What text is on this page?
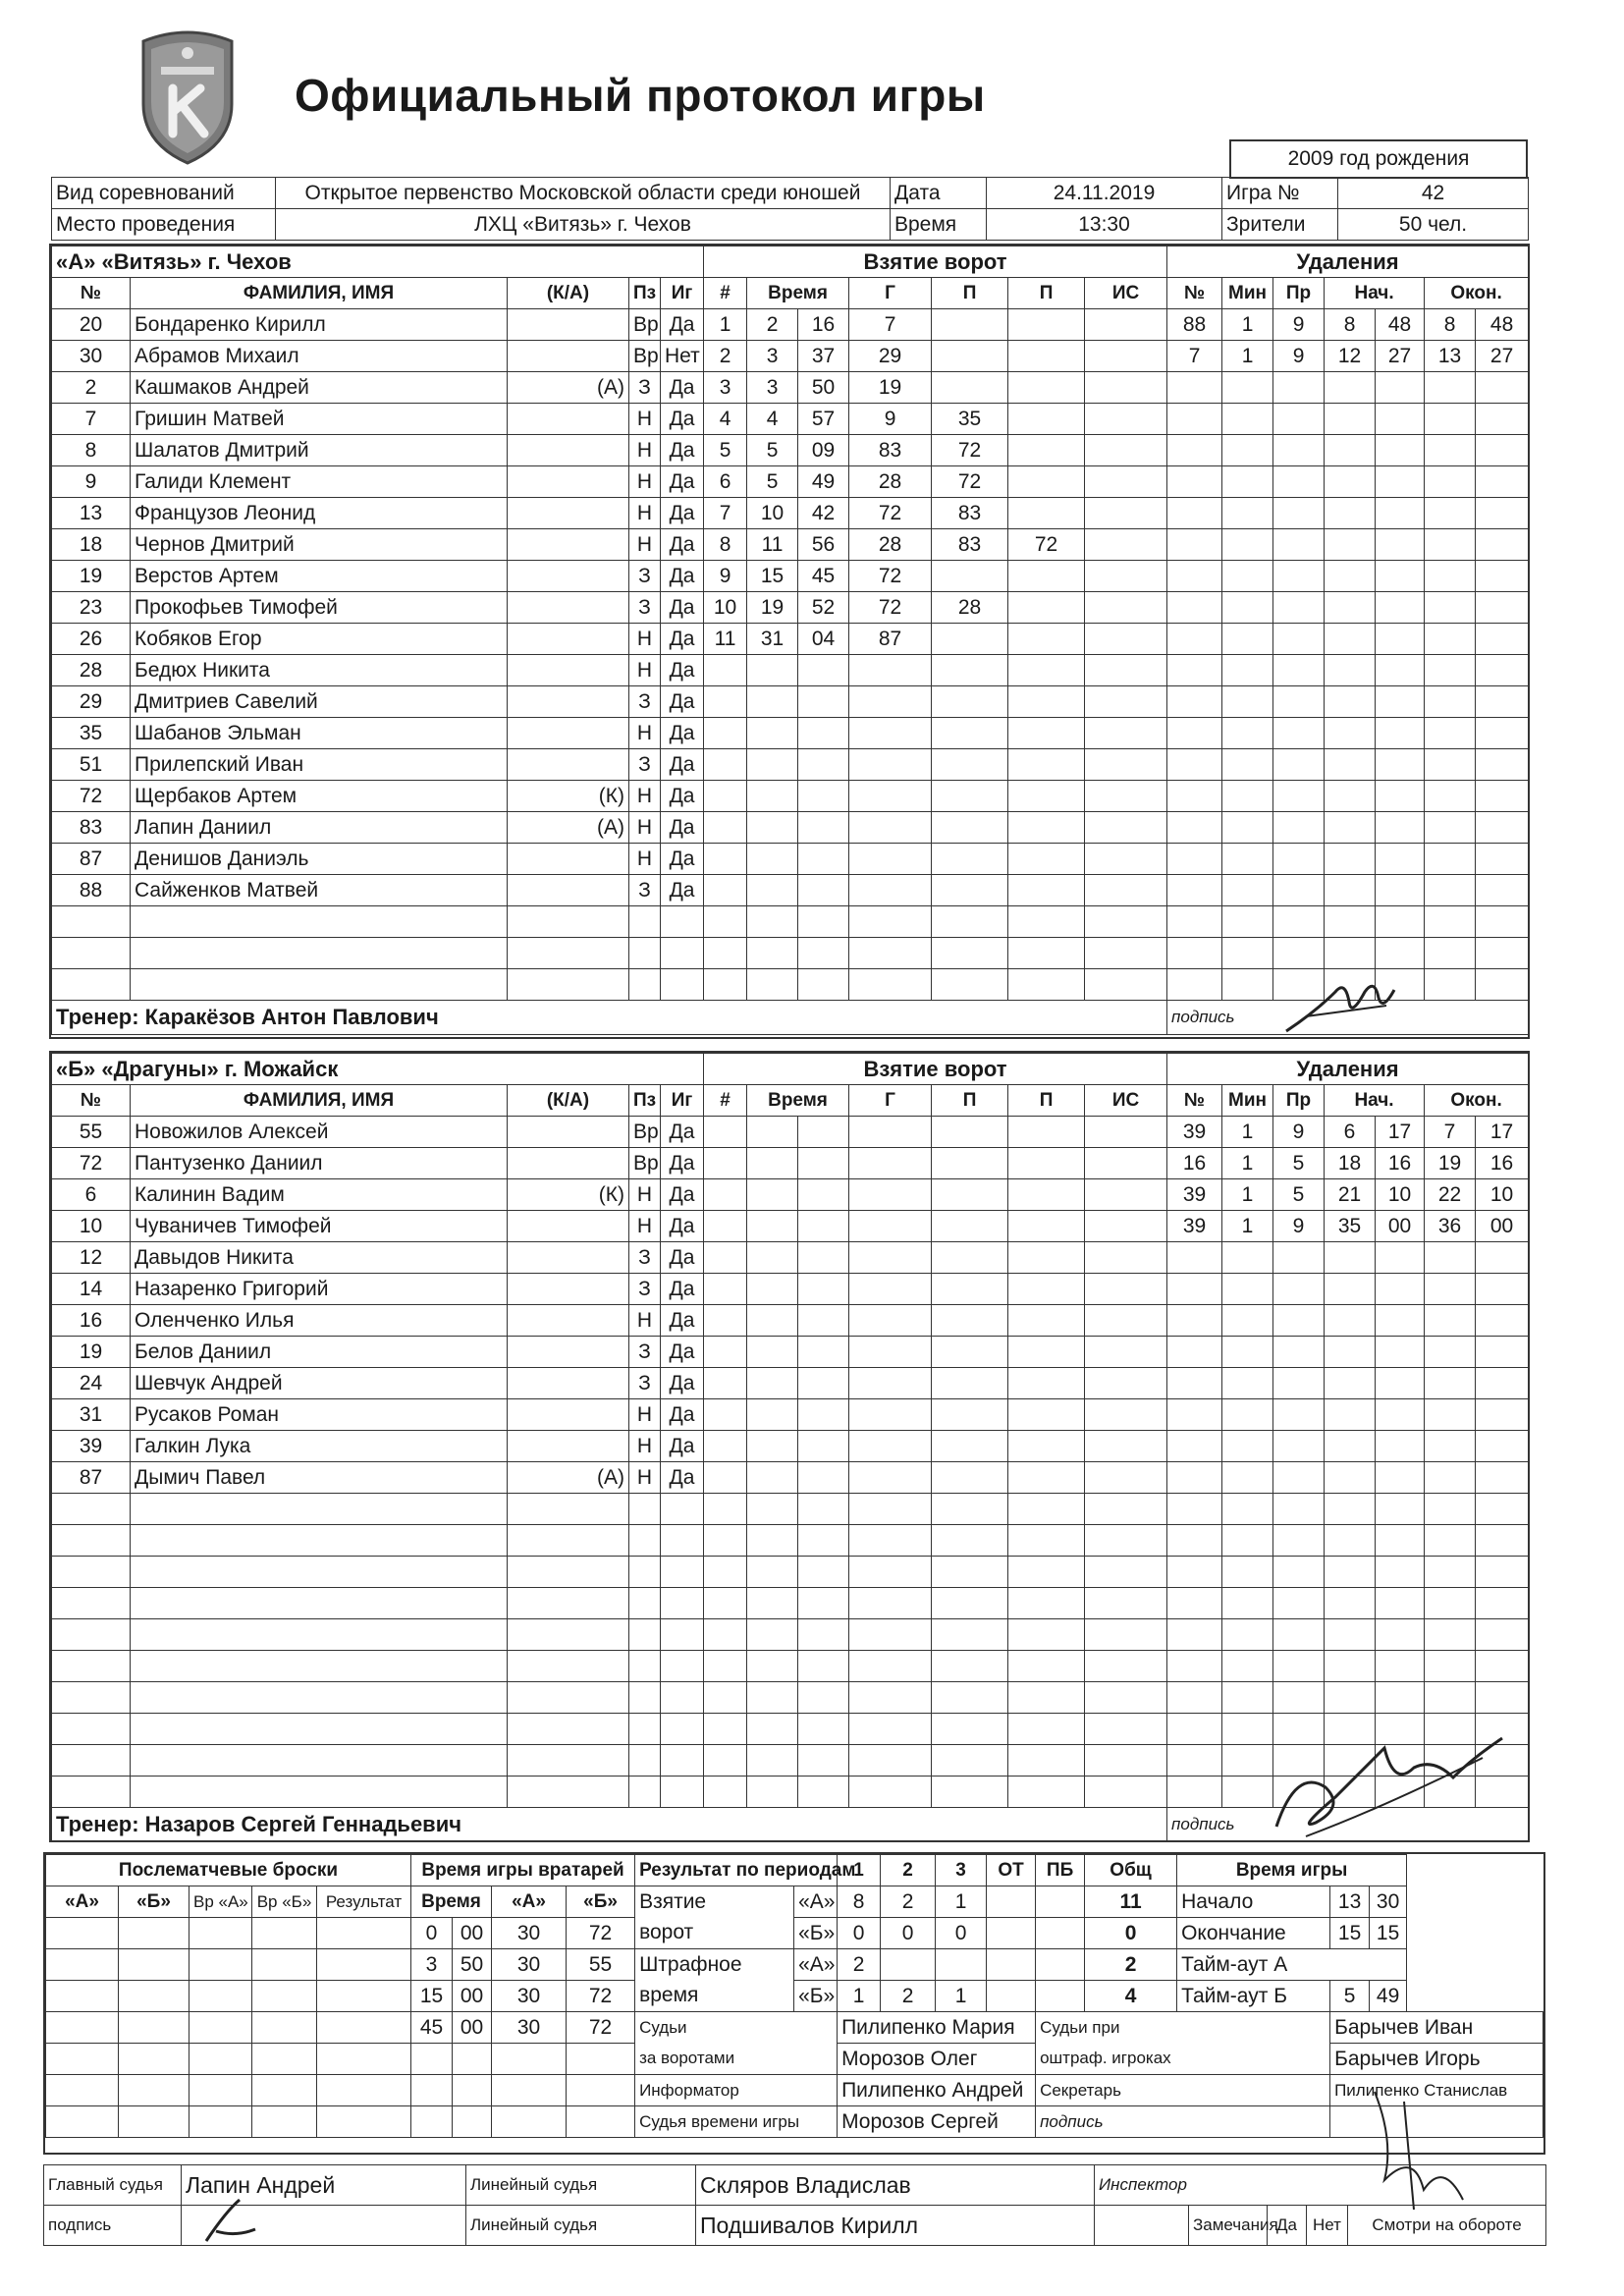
Официальный протокол игры
2009 год рождения
Вид соревнований	Открытое первенство Московской области среди юношей	Дата	24.11.2019	Игра №	42
Место проведения	ЛХЦ «Витязь» г. Чехов	Время	13:30	Зрители	50 чел.
«А» «Витязь» г. Чехов					Взятие ворот							Удаления						
№	ФАМИЛИЯ, ИМЯ	(К/А)	Пз	Иг	#	Время		Г	П	П	ИС	№	Мин	Пр	Нач.		Окон.	
20	Бондаренко Кирилл		Вр	Да	1	2	16	7				88	1	9	8	48	8	48
30	Абрамов Михаил		Вр	Нет	2	3	37	29				7	1	9	12	27	13	27
2	Кашмаков Андрей	(А)	З	Да	3	3	50	19										
7	Гришин Матвей		Н	Да	4	4	57	9	35									
8	Шалатов Дмитрий		Н	Да	5	5	09	83	72									
9	Галиди Клемент		Н	Да	6	5	49	28	72									
13	Французов Леонид		Н	Да	7	10	42	72	83									
18	Чернов Дмитрий		Н	Да	8	11	56	28	83	72								
19	Верстов Артем		З	Да	9	15	45	72										
23	Прокофьев Тимофей		З	Да	10	19	52	72	28									
26	Кобяков Егор		Н	Да	11	31	04	87										
28	Бедюх Никита		Н	Да														
29	Дмитриев Савелий		З	Да														
35	Шабанов Эльман		Н	Да														
51	Прилепский Иван		З	Да														
72	Щербаков Артем	(К)	Н	Да														
83	Лапин Даниил	(А)	Н	Да														
87	Денишов Даниэль		Н	Да														
88	Сайженков Матвей		З	Да														

Тренер: Каракёзов Антон Павлович												подпись						
«Б» «Драгуны» г. Можайск					Взятие ворот							Удаления						
№	ФАМИЛИЯ, ИМЯ	(К/А)	Пз	Иг	#	Время		Г	П	П	ИС	№	Мин	Пр	Нач.		Окон.	
55	Новожилов Алексей		Вр	Да								39	1	9	6	17	7	17
72	Пантузенко Даниил		Вр	Да								16	1	5	18	16	19	16
6	Калинин Вадим	(К)	Н	Да								39	1	5	21	10	22	10
10	Чуваничев Тимофей		Н	Да								39	1	9	35	00	36	00
12	Давыдов Никита		З	Да														
14	Назаренко Григорий		З	Да														
16	Оленченко Илья		Н	Да														
19	Белов Даниил		З	Да														
24	Шевчук Андрей		З	Да														
31	Русаков Роман		Н	Да														
39	Галкин Лука		Н	Да														
87	Дымич Павел	(А)	Н	Да														

Тренер: Назаров Сергей Геннадьевич												подпись						
Послематчевые броски					Время игры вратарей				Результат по периодам		1	2	3	ОТ	ПБ	Общ	Время игры		
«А»	«Б»	Вр «А»	Вр «Б»	Результат	Время		«А»	«Б»	Взятие	«А»	8	2	1			11	Начало	13	30
					0	00	30	72	ворот	«Б»	0	0	0			0	Окончание	15	15
					3	50	30	55	Штрафное	«А»	2					2	Тайм-аут А		
					15	00	30	72	время	«Б»	1	2	1			4	Тайм-аут Б	5	49
					45	00	30	72	Судьи		Пилипенко Мария				Судьи при			Барычев Иван	
									за воротами		Морозов Олег				оштраф. игроках			Барычев Игорь	
									Информатор		Пилипенко Андрей				Секретарь			Пилипенко Станислав	
									Судья времени игры		Морозов Сергей				подпись				
Главный судья	Лапин Андрей	Линейный судья	Скляров Владислав	Инспектор				
подпись		Линейный судья	Подшивалов Кирилл		Замечания	Да	Нет	Смотри на обороте
